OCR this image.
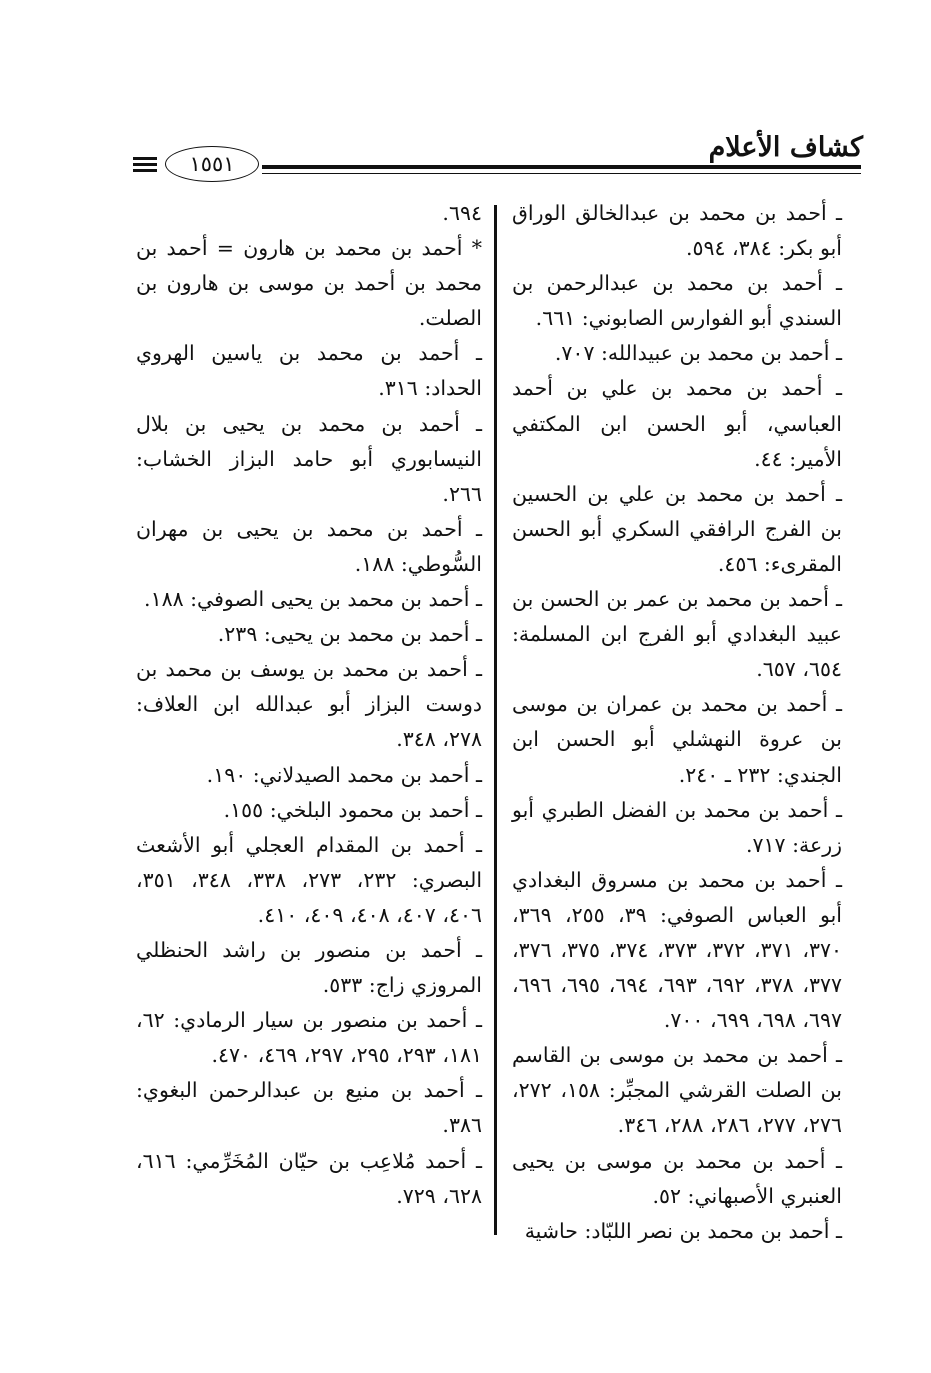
كشاف الأعلام
١٥٥١

ـ أحمد بن محمد بن عبدالخالق الوراق أبو بكر: ٣٨٤، ٥٩٤.

ـ أحمد بن محمد بن عبدالرحمن بن السندي أبو الفوارس الصابوني: ٦٦١.

ـ أحمد بن محمد بن عبيدالله: ٧٠٧.

ـ أحمد بن محمد بن علي بن أحمد العباسي، أبو الحسن ابن المكتفي الأمير: ٤٤.

ـ أحمد بن محمد بن علي بن الحسين بن الفرج الرافقي السكري أبو الحسن المقرىء: ٤٥٦.

ـ أحمد بن محمد بن عمر بن الحسن بن عبيد البغدادي أبو الفرج ابن المسلمة: ٦٥٤، ٦٥٧.

ـ أحمد بن محمد بن عمران بن موسى بن عروة النهشلي أبو الحسن ابن الجندي: ٢٣٢ ـ ٢٤٠.

ـ أحمد بن محمد بن الفضل الطبري أبو زرعة: ٧١٧.

ـ أحمد بن محمد بن مسروق البغدادي أبو العباس الصوفي: ٣٩، ٢٥٥، ٣٦٩، ٣٧٠، ٣٧١، ٣٧٢، ٣٧٣، ٣٧٤، ٣٧٥، ٣٧٦، ٣٧٧، ٣٧٨، ٦٩٢، ٦٩٣، ٦٩٤، ٦٩٥، ٦٩٦، ٦٩٧، ٦٩٨، ٦٩٩، ٧٠٠.

ـ أحمد بن محمد بن موسى بن القاسم بن الصلت القرشي المجبِّر: ١٥٨، ٢٧٢، ٢٧٦، ٢٧٧، ٢٨٦، ٢٨٨، ٣٤٦.

ـ أحمد بن محمد بن موسى بن يحيى العنبري الأصبهاني: ٥٢.

ـ أحمد بن محمد بن نصر اللبّاد: حاشية

٦٩٤.

* أحمد بن محمد بن هارون = أحمد بن محمد بن أحمد بن موسى بن هارون بن الصلت.

ـ أحمد بن محمد بن ياسين الهروي الحداد: ٣١٦.

ـ أحمد بن محمد بن يحيى بن بلال النيسابوري أبو حامد البزاز الخشاب: ٢٦٦.

ـ أحمد بن محمد بن يحيى بن مهران السُّوطي: ١٨٨.

ـ أحمد بن محمد بن يحيى الصوفي: ١٨٨.

ـ أحمد بن محمد بن يحيى: ٢٣٩.

ـ أحمد بن محمد بن يوسف بن محمد بن دوست البزاز أبو عبدالله ابن العلاف: ٢٧٨، ٣٤٨.

ـ أحمد بن محمد الصيدلاني: ١٩٠.

ـ أحمد بن محمود البلخي: ١٥٥.

ـ أحمد بن المقدام العجلي أبو الأشعث البصري: ٢٣٢، ٢٧٣، ٣٣٨، ٣٤٨، ٣٥١، ٤٠٦، ٤٠٧، ٤٠٨، ٤٠٩، ٤١٠.

ـ أحمد بن منصور بن راشد الحنظلي المروزي زاج: ٥٣٣.

ـ أحمد بن منصور بن سيار الرمادي: ٦٢، ١٨١، ٢٩٣، ٢٩٥، ٢٩٧، ٤٦٩، ٤٧٠.

ـ أحمد بن منيع بن عبدالرحمن البغوي: ٣٨٦.

ـ أحمد مُلاعِب بن حيّان المُخَرِّمي: ٦١٦، ٦٢٨، ٧٢٩.
